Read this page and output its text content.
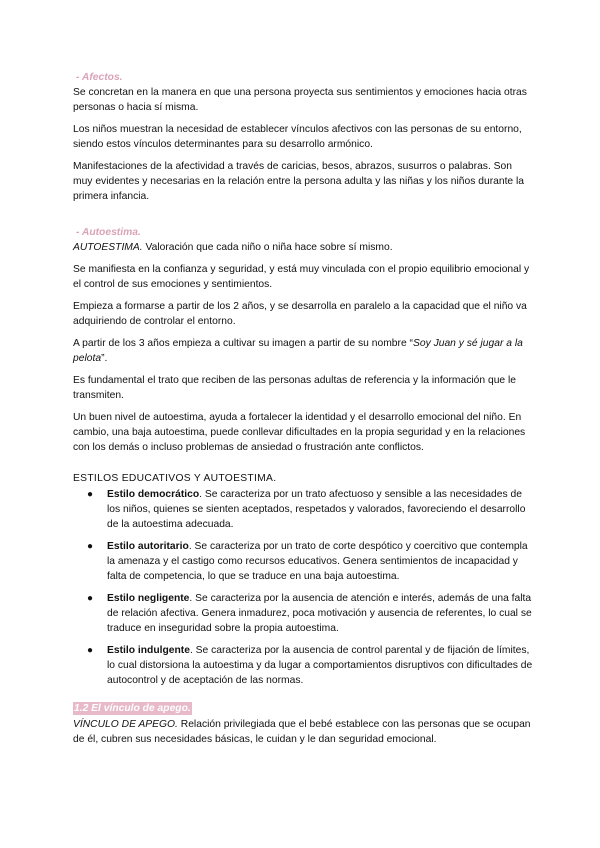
- Afectos.
Se concretan en la manera en que una persona proyecta sus sentimientos y emociones hacia otras personas o hacia sí misma.
Los niños muestran la necesidad de establecer vínculos afectivos con las personas de su entorno, siendo estos vínculos determinantes para su desarrollo armónico.
Manifestaciones de la afectividad a través de caricias, besos, abrazos, susurros o palabras. Son muy evidentes y necesarias en la relación entre la persona adulta y las niñas y los niños durante la primera infancia.
- Autoestima.
AUTOESTIMA. Valoración que cada niño o niña hace sobre sí mismo.
Se manifiesta en la confianza y seguridad, y está muy vinculada con el propio equilibrio emocional y el control de sus emociones y sentimientos.
Empieza a formarse a partir de los 2 años, y se desarrolla en paralelo a la capacidad que el niño va adquiriendo de controlar el entorno.
A partir de los 3 años empieza a cultivar su imagen a partir de su nombre “Soy Juan y sé jugar a la pelota”.
Es fundamental el trato que reciben de las personas adultas de referencia y la información que le transmiten.
Un buen nivel de autoestima, ayuda a fortalecer la identidad y el desarrollo emocional del niño. En cambio, una baja autoestima, puede conllevar dificultades en la propia seguridad y en la relaciones con los demás o incluso problemas de ansiedad o frustración ante conflictos.
ESTILOS EDUCATIVOS Y AUTOESTIMA.
● Estilo democrático. Se caracteriza por un trato afectuoso y sensible a las necesidades de los niños, quienes se sienten aceptados, respetados y valorados, favoreciendo el desarrollo de la autoestima adecuada.
● Estilo autoritario. Se caracteriza por un trato de corte despótico y coercitivo que contempla la amenaza y el castigo como recursos educativos. Genera sentimientos de incapacidad y falta de competencia, lo que se traduce en una baja autoestima.
● Estilo negligente. Se caracteriza por la ausencia de atención e interés, además de una falta de relación afectiva. Genera inmadurez, poca motivación y ausencia de referentes, lo cual se traduce en inseguridad sobre la propia autoestima.
● Estilo indulgente. Se caracteriza por la ausencia de control parental y de fijación de límites, lo cual distorsiona la autoestima y da lugar a comportamientos disruptivos con dificultades de autocontrol y de aceptación de las normas.
1.2 El vínculo de apego.
VÍNCULO DE APEGO. Relación privilegiada que el bebé establece con las personas que se ocupan de él, cubren sus necesidades básicas, le cuidan y le dan seguridad emocional.
